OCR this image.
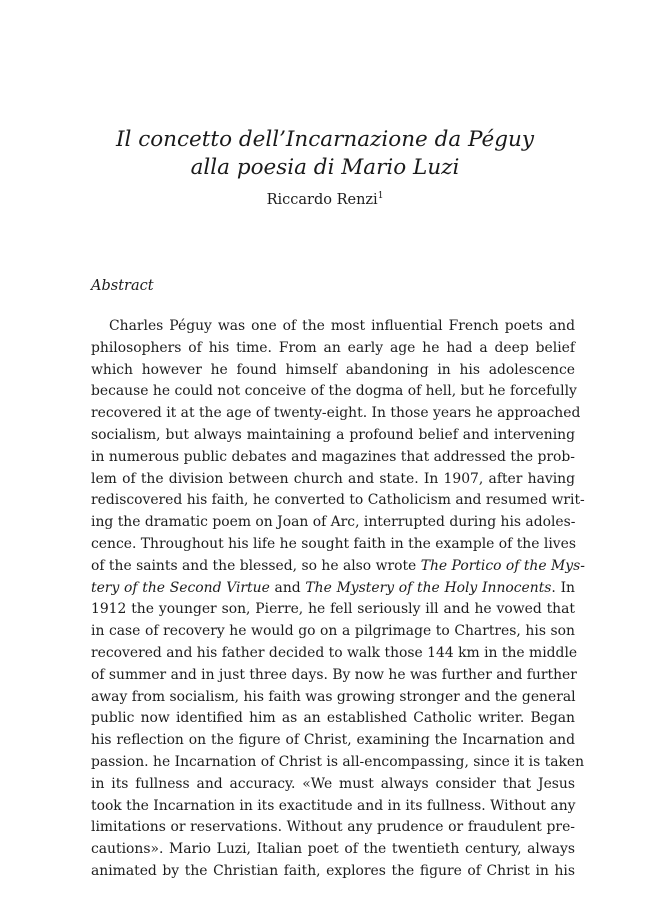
Il concetto dell’Incarnazione da Péguy
alla poesia di Mario Luzi
Riccardo Renzi$^1$
Abstract
Charles Péguy was one of the most influential French poets and
philosophers of his time. From an early age he had a deep belief
which however he found himself abandoning in his adolescence
because he could not conceive of the dogma of hell, but he forcefully
recovered it at the age of twenty-eight. In those years he approached
socialism, but always maintaining a profound belief and intervening
in numerous public debates and magazines that addressed the prob-
lem of the division between church and state. In 1907, after having
rediscovered his faith, he converted to Catholicism and resumed writ-
ing the dramatic poem on Joan of Arc, interrupted during his adoles-
cence. Throughout his life he sought faith in the example of the lives
of the saints and the blessed, so he also wrote The Portico of the Mys-
tery of the Second Virtue and The Mystery of the Holy Innocents. In
1912 the younger son, Pierre, he fell seriously ill and he vowed that
in case of recovery he would go on a pilgrimage to Chartres, his son
recovered and his father decided to walk those 144 km in the middle
of summer and in just three days. By now he was further and further
away from socialism, his faith was growing stronger and the general
public now identified him as an established Catholic writer. Began
his reflection on the figure of Christ, examining the Incarnation and
passion. he Incarnation of Christ is all-encompassing, since it is taken
in its fullness and accuracy. «We must always consider that Jesus
took the Incarnation in its exactitude and in its fullness. Without any
limitations or reservations. Without any prudence or fraudulent pre-
cautions». Mario Luzi, Italian poet of the twentieth century, always
animated by the Christian faith, explores the figure of Christ in his
